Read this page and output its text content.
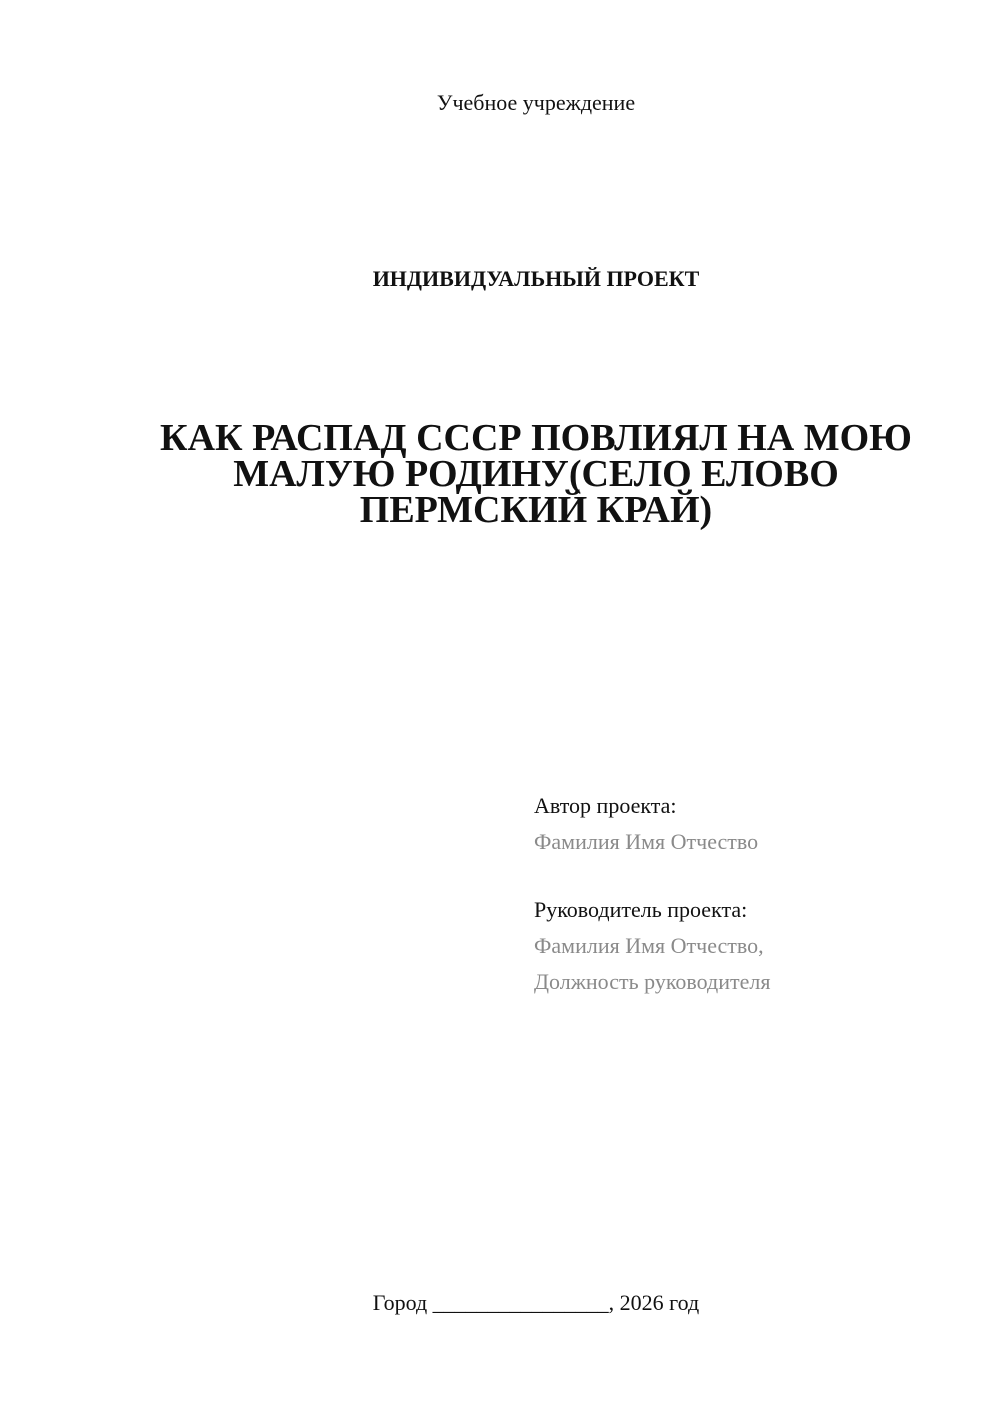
Учебное учреждение
ИНДИВИДУАЛЬНЫЙ ПРОЕКТ
КАК РАСПАД СССР ПОВЛИЯЛ НА МОЮ
МАЛУЮ РОДИНУ(СЕЛО ЕЛОВО
ПЕРМСКИЙ КРАЙ)
Автор проекта:
Фамилия Имя Отчество
Руководитель проекта:
Фамилия Имя Отчество,
Должность руководителя
Город ________________, 2026 год
